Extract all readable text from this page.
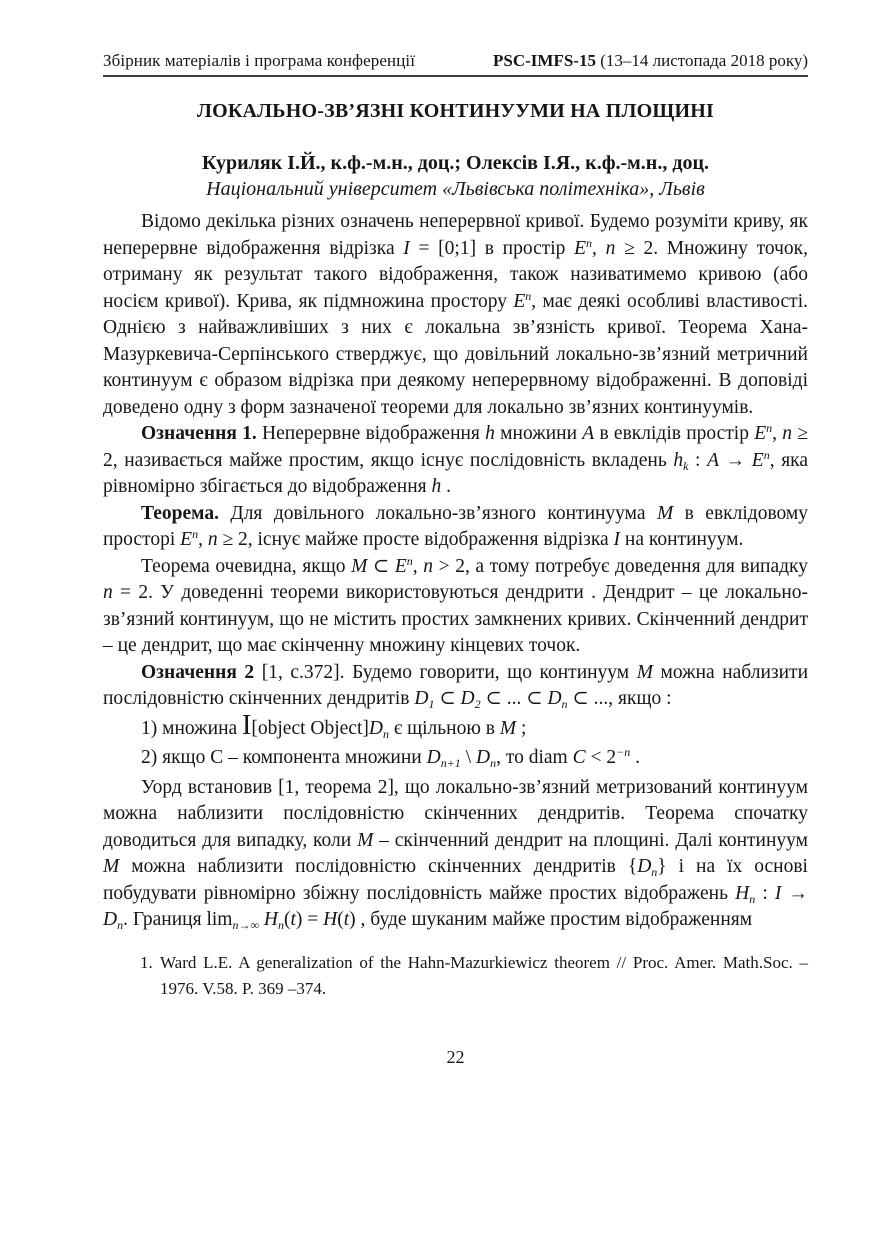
Збірник матеріалів і програма конференції	PSC-IMFS-15 (13–14 листопада 2018 року)
ЛОКАЛЬНО-ЗВ’ЯЗНІ КОНТИНУУМИ НА ПЛОЩИНІ
Куриляк І.Й., к.ф.-м.н., доц.; Олексів І.Я., к.ф.-м.н., доц.
Національний університет «Львівська політехніка», Львів

Відомо декілька різних означень неперервної кривої. Будемо розуміти криву, як неперервне відображення відрізка I = [0;1] в простір $E^n$, n ≥ 2. Множину точок, отриману як результат такого відображення, також називатимемо кривою (або носієм кривої). Крива, як підмножина простору $E^n$, має деякі особливі властивості. Однією з найважливіших з них є локальна зв’язність кривої. Теорема Хана-Мазуркевича-Серпінського стверджує, що довільний локально-зв’язний метричний континуум є образом відрізка при деякому неперервному відображенні. В доповіді доведено одну з форм зазначеної теореми для локально зв’язних континуумів.

Означення 1. Неперервне відображення h множини A в евклідів простір $E^n$, n ≥ 2, називається майже простим, якщо існує послідовність вкладень $h_k$ : $A \to E^n$, яка рівномірно збігається до відображення h .

Теорема. Для довільного локально-зв’язного континуума M в евклідовому просторі $E^n$, n ≥ 2, існує майже просте відображення відрізка I на континуум.

Теорема очевидна, якщо M ⊂ $E^n$, n > 2, а тому потребує доведення для випадку n = 2. У доведенні теореми використовуються дендрити . Дендрит – це локально-зв’язний континуум, що не містить простих замкнених кривих. Скінченний дендрит – це дендрит, що має скінченну множину кінцевих точок.

Означення 2 [1, с.372]. Будемо говорити, що континуум M можна наблизити послідовністю скінченних дендритів $D_1$ ⊂ $D_2$ ⊂ ... ⊂ $D_n$ ⊂ ..., якщо :

1) множина I[object $Object]D_n$ є щільною в M ;

2) якщо С – компонента множини $D_{n+1}$ \ $D_n$, то diam $C < 2^{-n}$ .

Уорд встановив [1, теорема 2], що локально-зв’язний метризований континуум можна наблизити послідовністю скінченних дендритів. Теорема спочатку доводиться для випадку, коли M – скінченний дендрит на площині. Далі континуум M можна наблизити послідовністю скінченних дендритів $\{D_n\}$ і на їх основі побудувати рівномірно збіжну послідовність майже простих відображень $H_n$ : $I \to D_n$. Границя $\lim_{n\to\infty} H_n(t) = H(t)$ , буде шуканим майже простим відображенням

1. Ward L.E. A generalization of the Hahn-Mazurkiewicz theorem // Proc. Amer. Math.Soc. – 1976. V.58. P. 369 –374.
22
